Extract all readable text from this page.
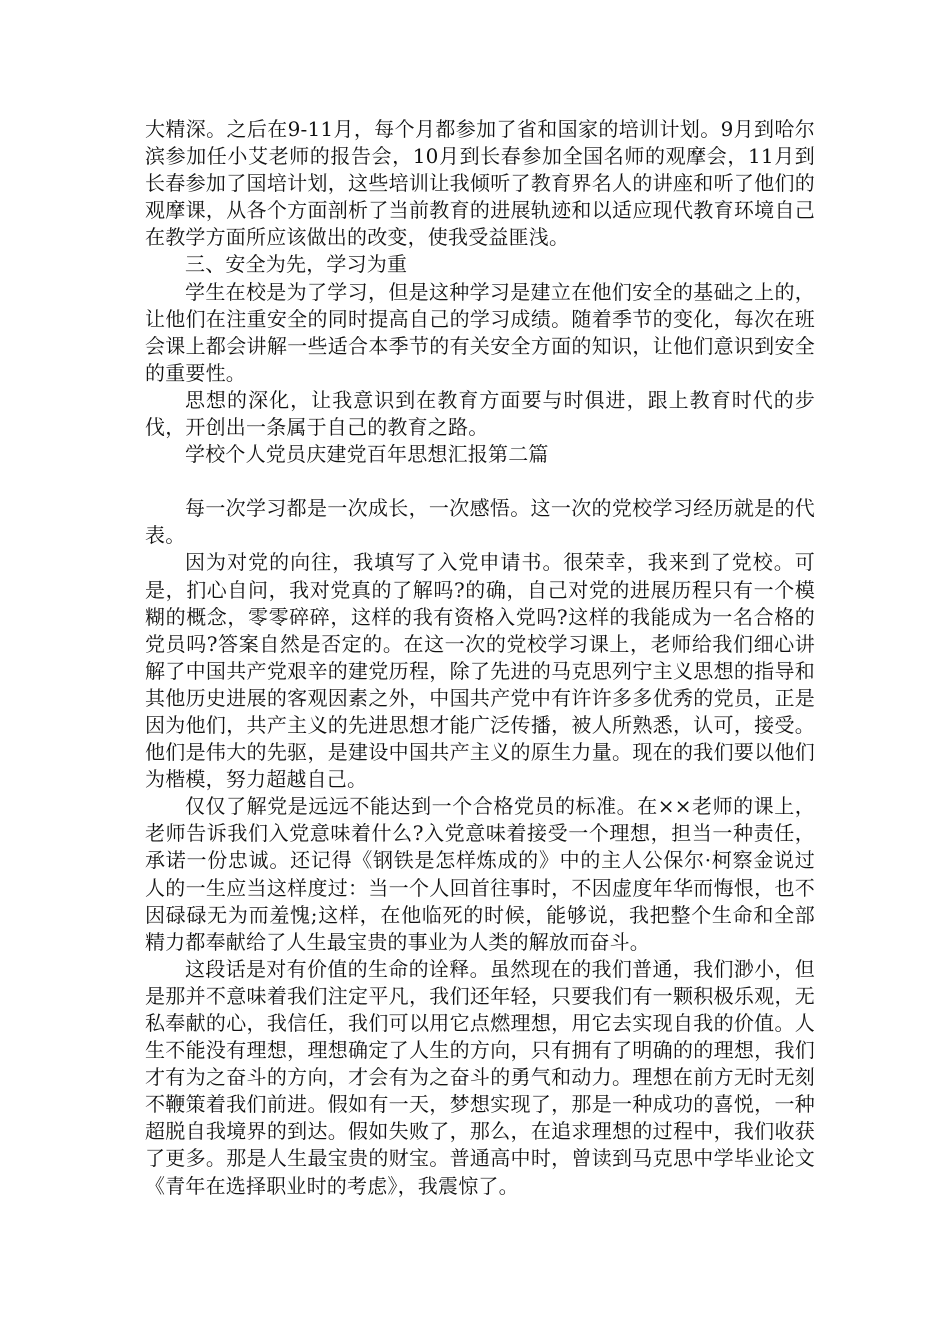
大精深。之后在9-11月，每个月都参加了省和国家的培训计划。9月到哈尔滨参加任小艾老师的报告会，10月到长春参加全国名师的观摩会，11月到长春参加了国培计划，这些培训让我倾听了教育界名人的讲座和听了他们的观摩课，从各个方面剖析了当前教育的进展轨迹和以适应现代教育环境自己在教学方面所应该做出的改变，使我受益匪浅。

三、安全为先，学习为重

学生在校是为了学习，但是这种学习是建立在他们安全的基础之上的，让他们在注重安全的同时提高自己的学习成绩。随着季节的变化，每次在班会课上都会讲解一些适合本季节的有关安全方面的知识，让他们意识到安全的重要性。

思想的深化，让我意识到在教育方面要与时俱进，跟上教育时代的步伐，开创出一条属于自己的教育之路。

学校个人党员庆建党百年思想汇报第二篇

每一次学习都是一次成长，一次感悟。这一次的党校学习经历就是的代表。

因为对党的向往，我填写了入党申请书。很荣幸，我来到了党校。可是，扪心自问，我对党真的了解吗?的确，自己对党的进展历程只有一个模糊的概念，零零碎碎，这样的我有资格入党吗?这样的我能成为一名合格的党员吗?答案自然是否定的。在这一次的党校学习课上，老师给我们细心讲解了中国共产党艰辛的建党历程，除了先进的马克思列宁主义思想的指导和其他历史进展的客观因素之外，中国共产党中有许许多多优秀的党员，正是因为他们，共产主义的先进思想才能广泛传播，被人所熟悉，认可，接受。他们是伟大的先驱，是建设中国共产主义的原生力量。现在的我们要以他们为楷模，努力超越自己。

仅仅了解党是远远不能达到一个合格党员的标准。在××老师的课上，老师告诉我们入党意味着什么?入党意味着接受一个理想，担当一种责任，承诺一份忠诚。还记得《钢铁是怎样炼成的》中的主人公保尔·柯察金说过人的一生应当这样度过：当一个人回首往事时，不因虚度年华而悔恨，也不因碌碌无为而羞愧;这样，在他临死的时候，能够说，我把整个生命和全部精力都奉献给了人生最宝贵的事业为人类的解放而奋斗。

这段话是对有价值的生命的诠释。虽然现在的我们普通，我们渺小，但是那并不意味着我们注定平凡，我们还年轻，只要我们有一颗积极乐观，无私奉献的心，我信任，我们可以用它点燃理想，用它去实现自我的价值。人生不能没有理想，理想确定了人生的方向，只有拥有了明确的的理想，我们才有为之奋斗的方向，才会有为之奋斗的勇气和动力。理想在前方无时无刻不鞭策着我们前进。假如有一天，梦想实现了，那是一种成功的喜悦，一种超脱自我境界的到达。假如失败了，那么，在追求理想的过程中，我们收获了更多。那是人生最宝贵的财宝。普通高中时，曾读到马克思中学毕业论文《青年在选择职业时的考虑》，我震惊了。
